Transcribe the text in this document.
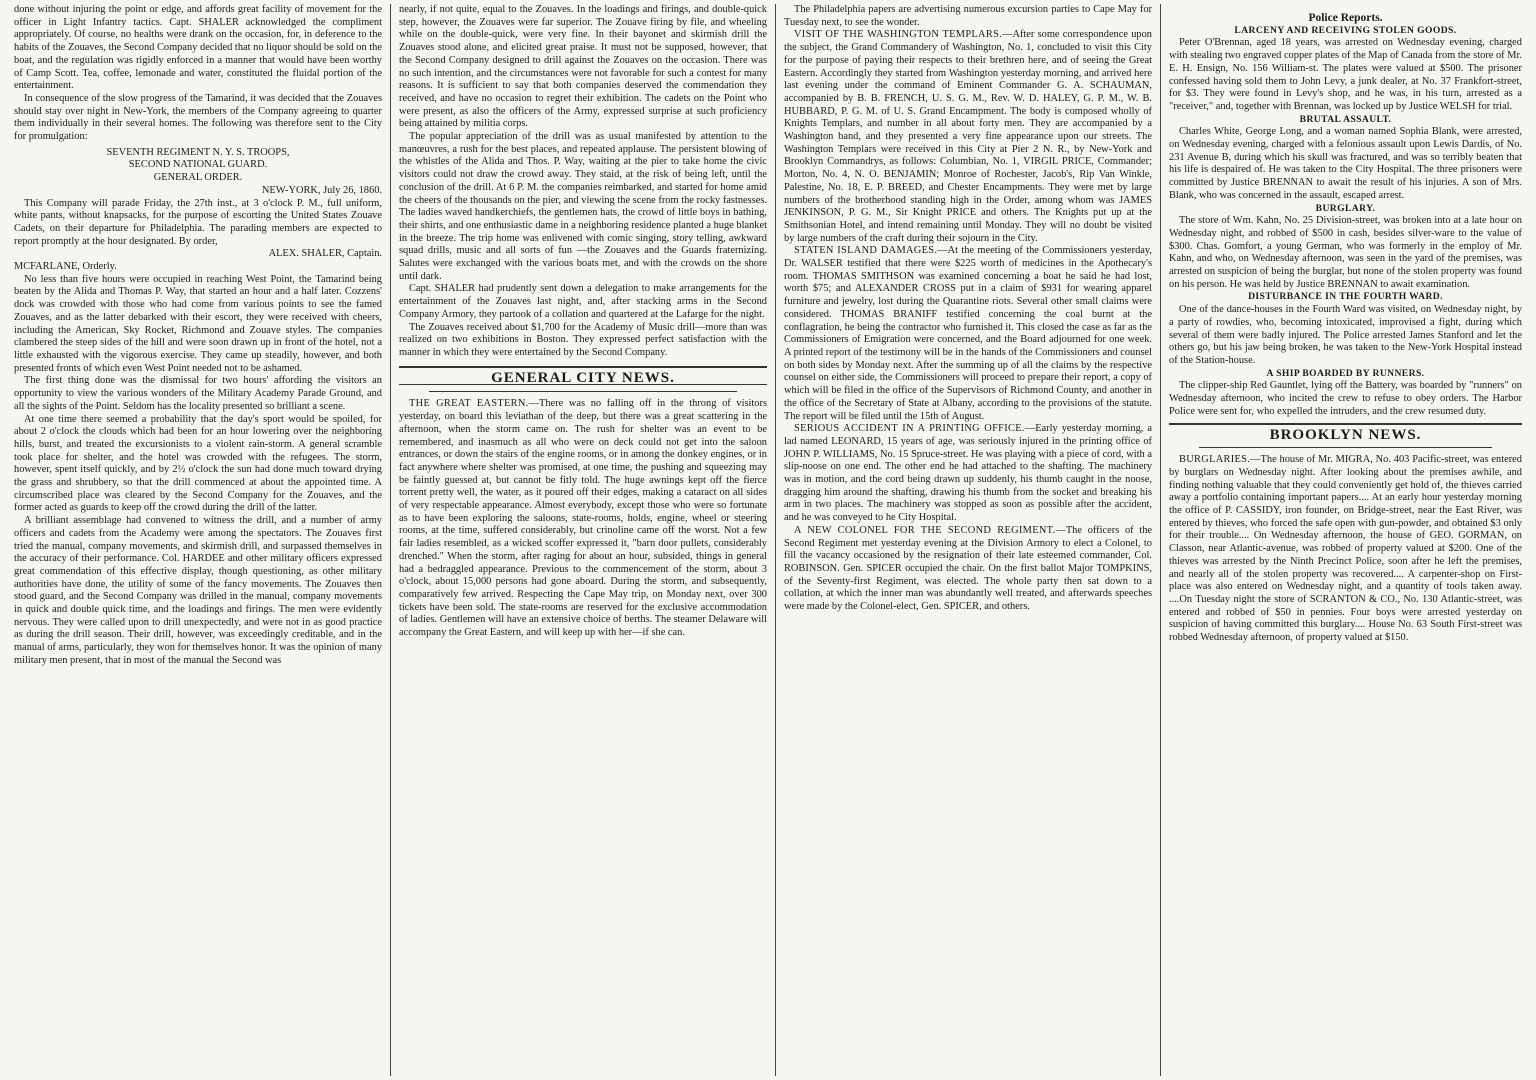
done without injuring the point or edge, and affords great facility of movement for the officer in Light Infantry tactics. Capt. SHALER acknowledged the compliment appropriately. Of course, no healths were drank on the occasion, for, in deference to the habits of the Zouaves, the Second Company decided that no liquor should be sold on the boat, and the regulation was rigidly enforced in a manner that would have been worthy of Camp Scott. Tea, coffee, lemonade and water, constituted the fluidal portion of the entertainment.

In consequence of the slow progress of the Tamarind, it was decided that the Zouaves should stay over night in New-York, the members of the Company agreeing to quarter them individually in their several homes. The following was therefore sent to the City for promulgation:

SEVENTH REGIMENT N. Y. S. TROOPS,

SECOND NATIONAL GUARD.

GENERAL ORDER.

NEW-YORK, July 26, 1860.

This Company will parade Friday, the 27th inst., at 3 o'clock P. M., full uniform, white pants, without knapsacks, for the purpose of escorting the United States Zouave Cadets, on their departure for Philadelphia. The parading members are expected to report promptly at the hour designated. By order,

ALEX. SHALER, Captain.

MCFARLANE, Orderly.

No less than five hours were occupied in reaching West Point, the Tamarind being beaten by the Alida and Thomas P. Way, that started an hour and a half later. Cozzens' dock was crowded with those who had come from various points to see the famed Zouaves, and as the latter debarked with their escort, they were received with cheers, including the American, Sky Rocket, Richmond and Zouave styles. The companies clambered the steep sides of the hill and were soon drawn up in front of the hotel, not a little exhausted with the vigorous exercise. They came up steadily, however, and both presented fronts of which even West Point needed not to be ashamed.

The first thing done was the dismissal for two hours' affording the visitors an opportunity to view the various wonders of the Military Academy Parade Ground, and all the sights of the Point. Seldom has the locality presented so brilliant a scene.

At one time there seemed a probability that the day's sport would be spoiled, for about 2 o'clock the clouds which had been for an hour lowering over the neighboring hills, burst, and treated the excursionists to a violent rain-storm. A general scramble took place for shelter, and the hotel was crowded with the refugees. The storm, however, spent itself quickly, and by 2½ o'clock the sun had done much toward drying the grass and shrubbery, so that the drill commenced at about the appointed time. A circumscribed place was cleared by the Second Company for the Zouaves, and the former acted as guards to keep off the crowd during the drill of the latter.

A brilliant assemblage had convened to witness the drill, and a number of army officers and cadets from the Academy were among the spectators. The Zouaves first tried the manual, company movements, and skirmish drill, and surpassed themselves in the accuracy of their performance. Col. HARDEE and other military officers expressed great commendation of this effective display, though questioning, as other military authorities have done, the utility of some of the fancy movements. The Zouaves then stood guard, and the Second Company was drilled in the manual, company movements in quick and double quick time, and the loadings and firings. The men were evidently nervous. They were called upon to drill unexpectedly, and were not in as good practice as during the drill season. Their drill, however, was exceedingly creditable, and in the manual of arms, particularly, they won for themselves honor. It was the opinion of many military men present, that in most of the manual the Second was

nearly, if not quite, equal to the Zouaves. In the loadings and firings, and double-quick step, however, the Zouaves were far superior. The Zouave firing by file, and wheeling while on the double-quick, were very fine. In their bayonet and skirmish drill the Zouaves stood alone, and elicited great praise. It must not be supposed, however, that the Second Company designed to drill against the Zouaves on the occasion. There was no such intention, and the circumstances were not favorable for such a contest for many reasons. It is sufficient to say that both companies deserved the commendation they received, and have no occasion to regret their exhibition. The cadets on the Point who were present, as also the officers of the Army, expressed surprise at such proficiency being attained by militia corps.

The popular appreciation of the drill was as usual manifested by attention to the manœuvres, a rush for the best places, and repeated applause. The persistent blowing of the whistles of the Alida and Thos. P. Way, waiting at the pier to take home the civic visitors could not draw the crowd away. They staid, at the risk of being left, until the conclusion of the drill. At 6 P. M. the companies reimbarked, and started for home amid the cheers of the thousands on the pier, and viewing the scene from the rocky fastnesses. The ladies waved handkerchiefs, the gentlemen hats, the crowd of little boys in bathing, their shirts, and one enthusiastic dame in a neighboring residence planted a huge blanket in the breeze. The trip home was enlivened with comic singing, story telling, awkward squad drills, music and all sorts of fun —the Zouaves and the Guards fraternizing. Salutes were exchanged with the various boats met, and with the crowds on the shore until dark.

Capt. SHALER had prudently sent down a delegation to make arrangements for the entertainment of the Zouaves last night, and, after stacking arms in the Second Company Armory, they partook of a collation and quartered at the Lafarge for the night.

The Zouaves received about $1,700 for the Academy of Music drill—more than was realized on two exhibitions in Boston. They expressed perfect satisfaction with the manner in which they were entertained by the Second Company.

GENERAL CITY NEWS.

THE GREAT EASTERN.—There was no falling off in the throng of visitors yesterday, on board this leviathan of the deep, but there was a great scattering in the afternoon, when the storm came on. The rush for shelter was an event to be remembered, and inasmuch as all who were on deck could not get into the saloon entrances, or down the stairs of the engine rooms, or in among the donkey engines, or in fact anywhere where shelter was promised, at one time, the pushing and squeezing may be faintly guessed at, but cannot be fitly told. The huge awnings kept off the fierce torrent pretty well, the water, as it poured off their edges, making a cataract on all sides of very respectable appearance. Almost everybody, except those who were so fortunate as to have been exploring the saloons, state-rooms, holds, engine, wheel or steering rooms, at the time, suffered considerably, but crinoline came off the worst. Not a few fair ladies resembled, as a wicked scoffer expressed it, "barn door pullets, considerably drenched." When the storm, after raging for about an hour, subsided, things in general had a bedraggled appearance. Previous to the commencement of the storm, about 3 o'clock, about 15,000 persons had gone aboard. During the storm, and subsequently, comparatively few arrived. Respecting the Cape May trip, on Monday next, over 300 tickets have been sold. The state-rooms are reserved for the exclusive accommodation of ladies. Gentlemen will have an extensive choice of berths. The steamer Delaware will accompany the Great Eastern, and will keep up with her—if she can.

The Philadelphia papers are advertising numerous excursion parties to Cape May for Tuesday next, to see the wonder.

VISIT OF THE WASHINGTON TEMPLARS.—After some correspondence upon the subject, the Grand Commandery of Washington, No. 1, concluded to visit this City for the purpose of paying their respects to their brethren here, and of seeing the Great Eastern. Accordingly they started from Washington yesterday morning, and arrived here last evening under the command of Eminent Commander G. A. SCHAUMAN, accompanied by B. B. FRENCH, U. S. G. M., Rev. W. D. HALEY, G. P. M., W. B. HUBBARD, P. G. M. of U. S. Grand Encampment. The body is composed wholly of Knights Templars, and number in all about forty men. They are accompanied by a Washington band, and they presented a very fine appearance upon our streets. The Washington Templars were received in this City at Pier 2 N. R., by New-York and Brooklyn Commandrys, as follows: Columbian, No. 1, VIRGIL PRICE, Commander; Morton, No. 4, N. O. BENJAMIN; Monroe of Rochester, Jacob's, Rip Van Winkle, Palestine, No. 18, E. P. BREED, and Chester Encampments. They were met by large numbers of the brotherhood standing high in the Order, among whom was JAMES JENKINSON, P. G. M., Sir Knight PRICE and others. The Knights put up at the Smithsonian Hotel, and intend remaining until Monday. They will no doubt be visited by large numbers of the craft during their sojourn in the City.

STATEN ISLAND DAMAGES.—At the meeting of the Commissioners yesterday, Dr. WALSER testified that there were $225 worth of medicines in the Apothecary's room. THOMAS SMITHSON was examined concerning a boat he said he had lost, worth $75; and ALEXANDER CROSS put in a claim of $931 for wearing apparel furniture and jewelry, lost during the Quarantine riots. Several other small claims were considered. THOMAS BRANIFF testified concerning the coal burnt at the conflagration, he being the contractor who furnished it. This closed the case as far as the Commissioners of Emigration were concerned, and the Board adjourned for one week. A printed report of the testimony will be in the hands of the Commissioners and counsel on both sides by Monday next. After the summing up of all the claims by the respective counsel on either side, the Commissioners will proceed to prepare their report, a copy of which will be filed in the office of the Supervisors of Richmond County, and another in the office of the Secretary of State at Albany, according to the provisions of the statute. The report will be filed until the 15th of August.

SERIOUS ACCIDENT IN A PRINTING OFFICE.—Early yesterday morning, a lad named LEONARD, 15 years of age, was seriously injured in the printing office of JOHN P. WILLIAMS, No. 15 Spruce-street. He was playing with a piece of cord, with a slip-noose on one end. The other end he had attached to the shafting. The machinery was in motion, and the cord being drawn up suddenly, his thumb caught in the noose, dragging him around the shafting, drawing his thumb from the socket and breaking his arm in two places. The machinery was stopped as soon as possible after the accident, and he was conveyed to he City Hospital.

A NEW COLONEL FOR THE SECOND REGIMENT.—The officers of the Second Regiment met yesterday evening at the Division Armory to elect a Colonel, to fill the vacancy occasioned by the resignation of their late esteemed commander, Col. ROBINSON. Gen. SPICER occupied the chair. On the first ballot Major TOMPKINS, of the Seventy-first Regiment, was elected. The whole party then sat down to a collation, at which the inner man was abundantly well treated, and afterwards speeches were made by the Colonel-elect, Gen. SPICER, and others.

Police Reports.

LARCENY AND RECEIVING STOLEN GOODS.

Peter O'Brennan, aged 18 years, was arrested on Wednesday evening, charged with stealing two engraved copper plates of the Map of Canada from the store of Mr. E. H. Ensign, No. 156 William-st. The plates were valued at $500. The prisoner confessed having sold them to John Levy, a junk dealer, at No. 37 Frankfort-street, for $3. They were found in Levy's shop, and he was, in his turn, arrested as a "receiver," and, together with Brennan, was locked up by Justice WELSH for trial.

BRUTAL ASSAULT.

Charles White, George Long, and a woman named Sophia Blank, were arrested, on Wednesday evening, charged with a felonious assault upon Lewis Dardis, of No. 231 Avenue B, during which his skull was fractured, and was so terribly beaten that his life is despaired of. He was taken to the City Hospital. The three prisoners were committed by Justice BRENNAN to await the result of his injuries. A son of Mrs. Blank, who was concerned in the assault, escaped arrest.

BURGLARY.

The store of Wm. Kahn, No. 25 Division-street, was broken into at a late hour on Wednesday night, and robbed of $500 in cash, besides silver-ware to the value of $300. Chas. Gomfort, a young German, who was formerly in the employ of Mr. Kahn, and who, on Wednesday afternoon, was seen in the yard of the premises, was arrested on suspicion of being the burglar, but none of the stolen property was found on his person. He was held by Justice BRENNAN to await examination.

DISTURBANCE IN THE FOURTH WARD.

One of the dance-houses in the Fourth Ward was visited, on Wednesday night, by a party of rowdies, who, becoming intoxicated, improvised a fight, during which several of them were badly injured. The Police arrested James Stanford and let the others go, but his jaw being broken, he was taken to the New-York Hospital instead of the Station-house.

A SHIP BOARDED BY RUNNERS.

The clipper-ship Red Gauntlet, lying off the Battery, was boarded by "runners" on Wednesday afternoon, who incited the crew to refuse to obey orders. The Harbor Police were sent for, who expelled the intruders, and the crew resumed duty.

BROOKLYN NEWS.

BURGLARIES.—The house of Mr. MIGRA, No. 403 Pacific-street, was entered by burglars on Wednesday night. After looking about the premises awhile, and finding nothing valuable that they could conveniently get hold of, the thieves carried away a portfolio containing important papers.... At an early hour yesterday morning the office of P. CASSIDY, iron founder, on Bridge-street, near the East River, was entered by thieves, who forced the safe open with gun-powder, and obtained $3 only for their trouble.... On Wednesday afternoon, the house of GEO. GORMAN, on Classon, near Atlantic-avenue, was robbed of property valued at $200. One of the thieves was arrested by the Ninth Precinct Police, soon after he left the premises, and nearly all of the stolen property was recovered.... A carpenter-shop on First-place was also entered on Wednesday night, and a quantity of tools taken away. ....On Tuesday night the store of SCRANTON & CO., No. 130 Atlantic-street, was entered and robbed of $50 in pennies. Four boys were arrested yesterday on suspicion of having committed this burglary.... House No. 63 South First-street was robbed Wednesday afternoon, of property valued at $150.
